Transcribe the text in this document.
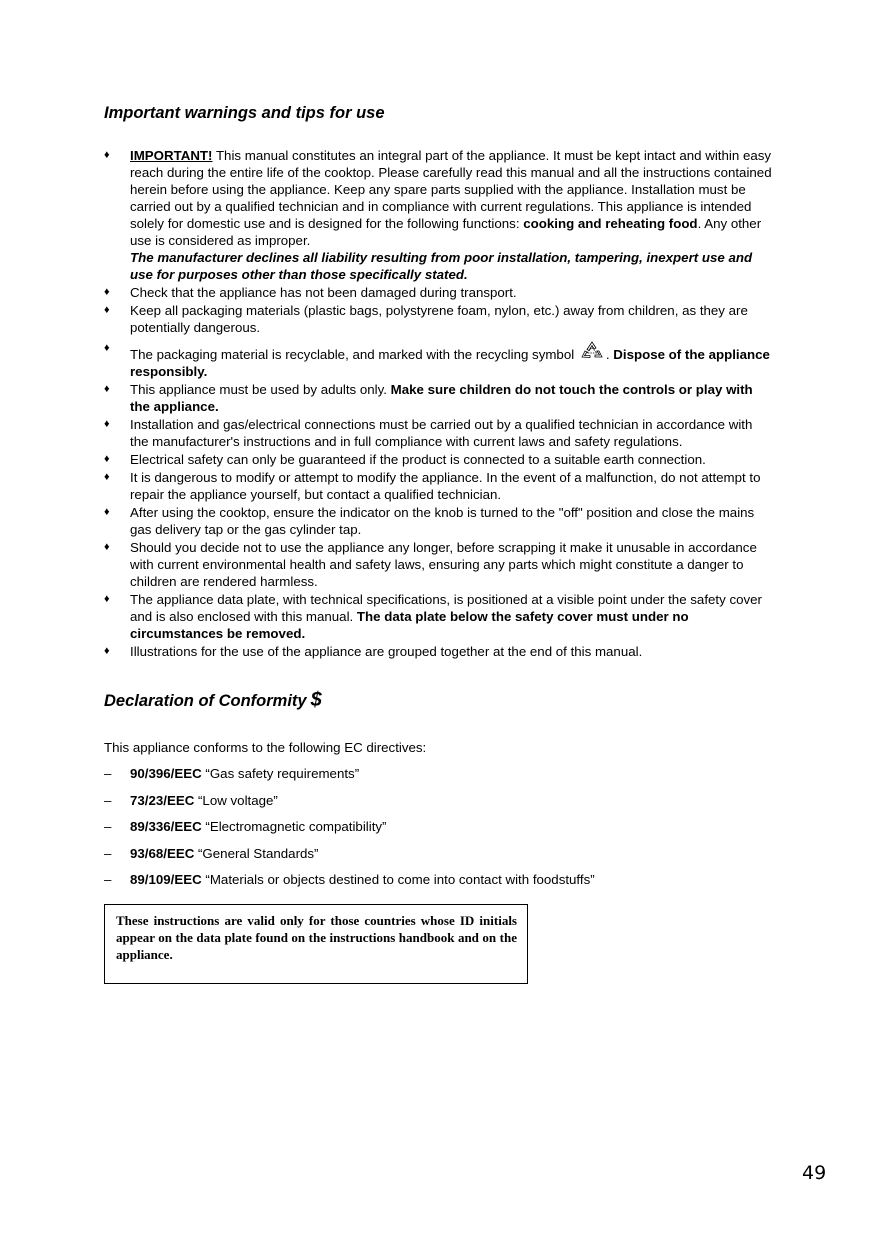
Important warnings and tips for use
♦	IMPORTANT! This manual constitutes an integral part of the appliance. It must be kept intact and within easy reach during the entire life of the cooktop. Please carefully read this manual and all the instructions contained herein before using the appliance. Keep any spare parts supplied with the appliance. Installation must be carried out by a qualified technician and in compliance with current regulations. This appliance is intended solely for domestic use and is designed for the following functions: cooking and reheating food. Any other use is considered as improper.
The manufacturer declines all liability resulting from poor installation, tampering, inexpert use and use for purposes other than those specifically stated.
♦	Check that the appliance has not been damaged during transport.
♦	Keep all packaging materials (plastic bags, polystyrene foam, nylon, etc.) away from children, as they are potentially dangerous.
♦	The packaging material is recyclable, and marked with the recycling symbol . Dispose of the appliance responsibly.
♦	This appliance must be used by adults only. Make sure children do not touch the controls or play with the appliance.
♦	Installation and gas/electrical connections must be carried out by a qualified technician in accordance with the manufacturer's instructions and in full compliance with current laws and safety regulations.
♦	Electrical safety can only be guaranteed if the product is connected to a suitable earth connection.
♦	It is dangerous to modify or attempt to modify the appliance. In the event of a malfunction, do not attempt to repair the appliance yourself, but contact a qualified technician.
♦	After using the cooktop, ensure the indicator on the knob is turned to the "off" position and close the mains gas delivery tap or the gas cylinder tap.
♦	Should you decide not to use the appliance any longer, before scrapping it make it unusable in accordance with current environmental health and safety laws, ensuring any parts which might constitute a danger to children are rendered harmless.
♦	The appliance data plate, with technical specifications, is positioned at a visible point under the safety cover and is also enclosed with this manual. The data plate below the safety cover must under no circumstances be removed.
♦	Illustrations for the use of the appliance are grouped together at the end of this manual.
Declaration of Conformity $
This appliance conforms to the following EC directives:
– 90/396/EEC “Gas safety requirements”
– 73/23/EEC “Low voltage”
– 89/336/EEC “Electromagnetic compatibility”
– 93/68/EEC “General Standards”
– 89/109/EEC “Materials or objects destined to come into contact with foodstuffs”

These instructions are valid only for those countries whose ID initials appear on the data plate found on the instructions handbook and on the appliance.

49
